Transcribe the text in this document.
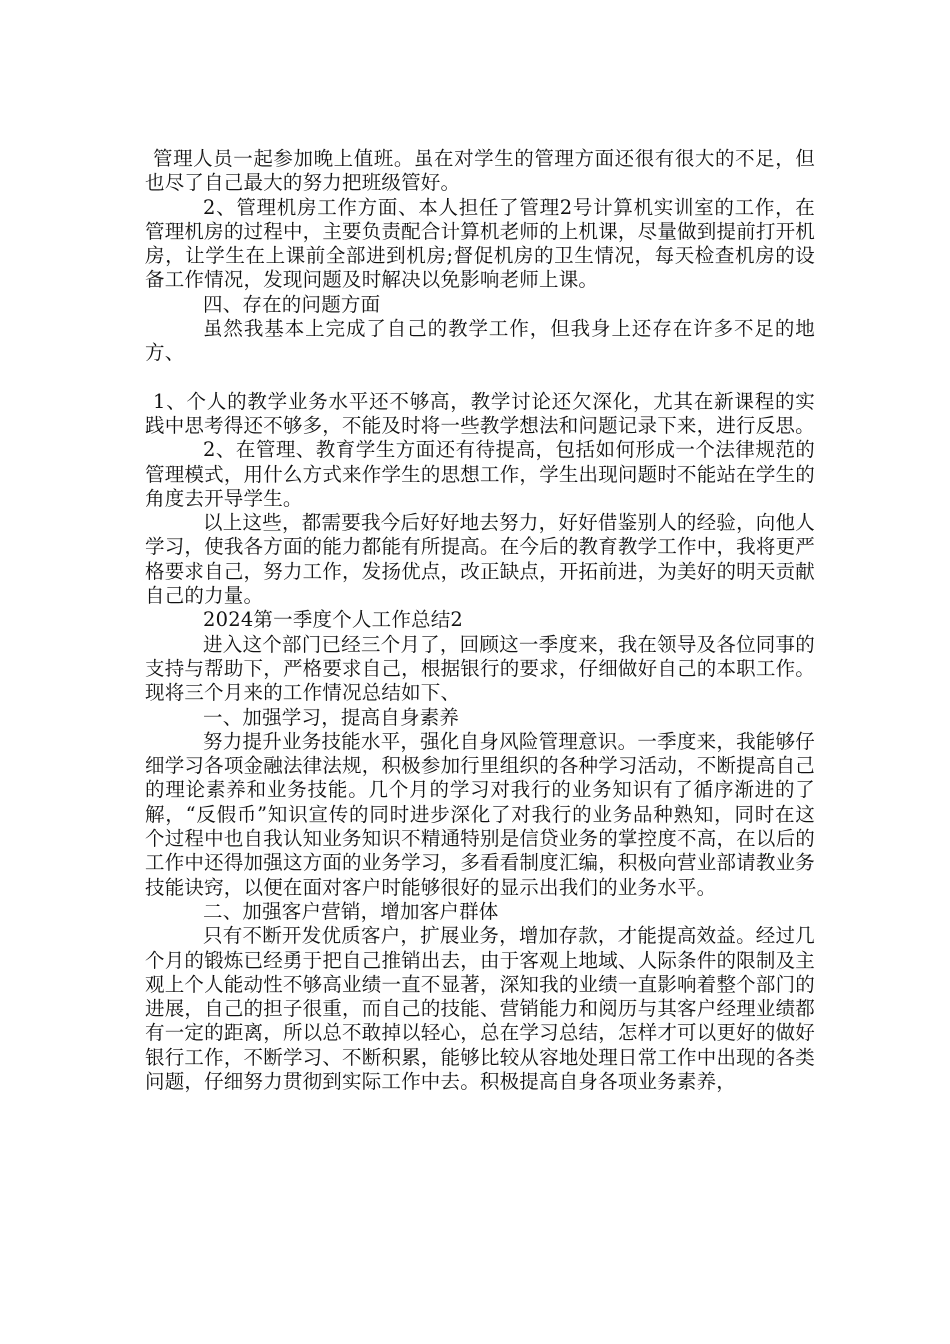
管理人员一起参加晚上值班。虽在对学生的管理方面还很有很大的不足，但也尽了自己最大的努力把班级管好。

2、管理机房工作方面、本人担任了管理2号计算机实训室的工作，在管理机房的过程中，主要负责配合计算机老师的上机课，尽量做到提前打开机房，让学生在上课前全部进到机房;督促机房的卫生情况，每天检查机房的设备工作情况，发现问题及时解决以免影响老师上课。

四、存在的问题方面

虽然我基本上完成了自己的教学工作，但我身上还存在许多不足的地方、

1、个人的教学业务水平还不够高，教学讨论还欠深化，尤其在新课程的实践中思考得还不够多，不能及时将一些教学想法和问题记录下来，进行反思。

2、在管理、教育学生方面还有待提高，包括如何形成一个法律规范的管理模式，用什么方式来作学生的思想工作，学生出现问题时不能站在学生的角度去开导学生。

以上这些，都需要我今后好好地去努力，好好借鉴别人的经验，向他人学习，使我各方面的能力都能有所提高。在今后的教育教学工作中，我将更严格要求自己，努力工作，发扬优点，改正缺点，开拓前进，为美好的明天贡献自己的力量。

2024第一季度个人工作总结2

进入这个部门已经三个月了，回顾这一季度来，我在领导及各位同事的支持与帮助下，严格要求自己，根据银行的要求，仔细做好自己的本职工作。现将三个月来的工作情况总结如下、

一、加强学习，提高自身素养

努力提升业务技能水平，强化自身风险管理意识。一季度来，我能够仔细学习各项金融法律法规，积极参加行里组织的各种学习活动，不断提高自己的理论素养和业务技能。几个月的学习对我行的业务知识有了循序渐进的了解，“反假币”知识宣传的同时进步深化了对我行的业务品种熟知，同时在这个过程中也自我认知业务知识不精通特别是信贷业务的掌控度不高，在以后的工作中还得加强这方面的业务学习，多看看制度汇编，积极向营业部请教业务技能诀窍，以便在面对客户时能够很好的显示出我们的业务水平。

二、加强客户营销，增加客户群体

只有不断开发优质客户，扩展业务，增加存款，才能提高效益。经过几个月的锻炼已经勇于把自己推销出去，由于客观上地域、人际条件的限制及主观上个人能动性不够高业绩一直不显著，深知我的业绩一直影响着整个部门的进展，自己的担子很重，而自己的技能、营销能力和阅历与其客户经理业绩都有一定的距离，所以总不敢掉以轻心，总在学习总结，怎样才可以更好的做好银行工作，不断学习、不断积累，能够比较从容地处理日常工作中出现的各类问题，仔细努力贯彻到实际工作中去。积极提高自身各项业务素养，
